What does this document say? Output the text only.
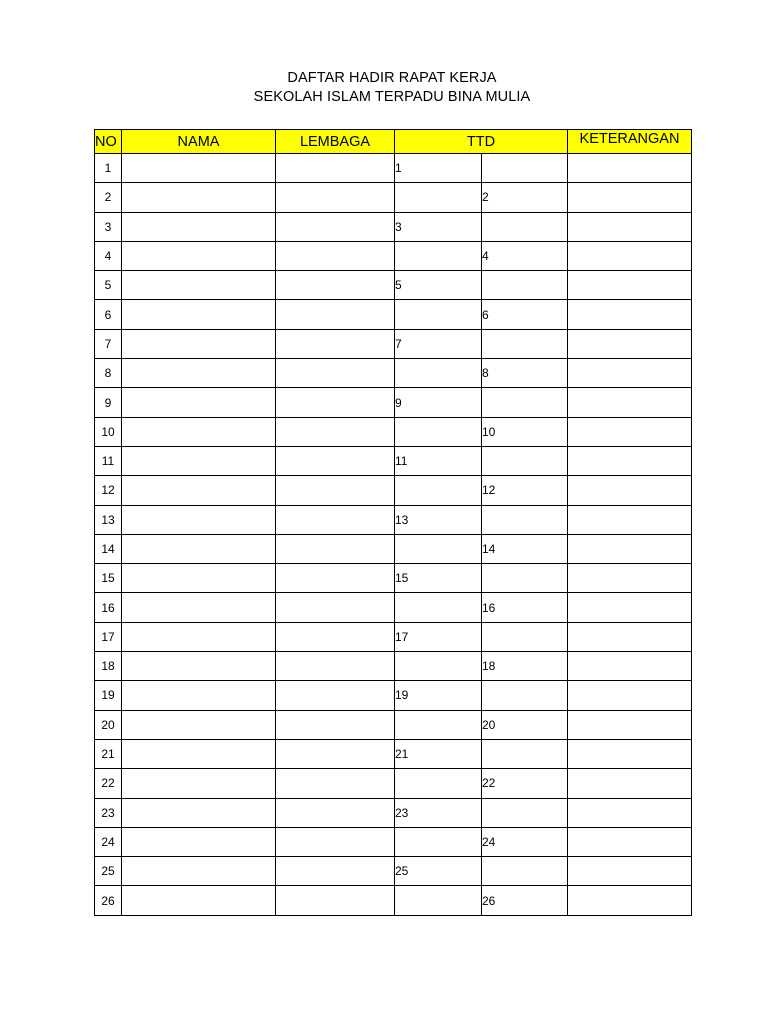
DAFTAR HADIR RAPAT KERJA
SEKOLAH ISLAM TERPADU BINA MULIA
NO	NAMA	LEMBAGA	TTD		KETERANGAN
1			1		
2				2	
3			3		
4				4	
5			5		
6				6	
7			7		
8				8	
9			9		
10				10	
11			11		
12				12	
13			13		
14				14	
15			15		
16				16	
17			17		
18				18	
19			19		
20				20	
21			21		
22				22	
23			23		
24				24	
25			25		
26				26	
